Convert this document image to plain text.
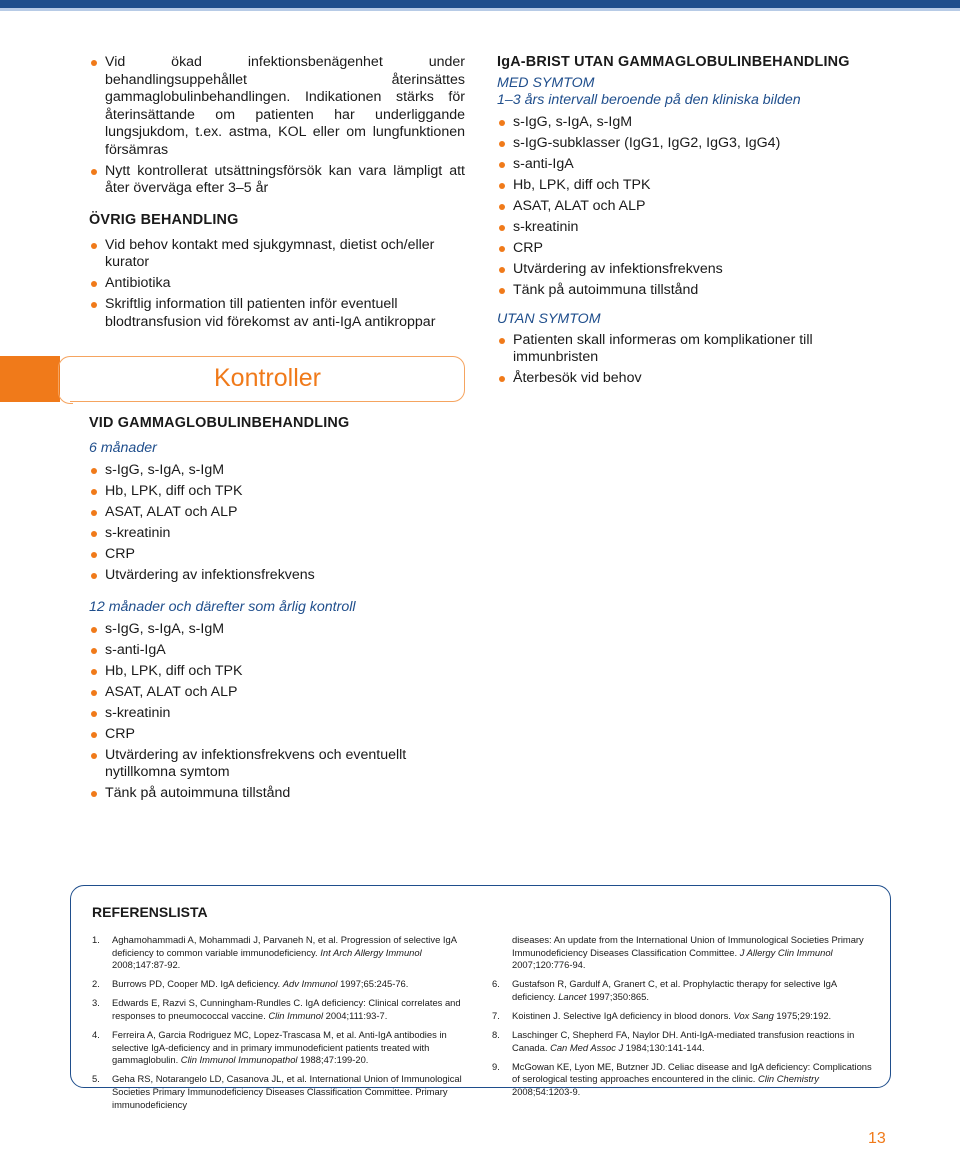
Vid ökad infektionsbenägenhet under behandlingsuppehållet återinsättes gammaglobulinbehandlingen. Indikationen stärks för återinsättande om patienten har underliggande lungsjukdom, t.ex. astma, KOL eller om lungfunktionen försämras
Nytt kontrollerat utsättningsförsök kan vara lämpligt att åter överväga efter 3–5 år
ÖVRIG BEHANDLING
Vid behov kontakt med sjukgymnast, dietist och/eller kurator
Antibiotika
Skriftlig information till patienten inför eventuell blodtransfusion vid förekomst av anti-IgA antikroppar
Kontroller
VID GAMMAGLOBULINBEHANDLING
6 månader
s-IgG, s-IgA, s-IgM
Hb, LPK, diff och TPK
ASAT, ALAT och ALP
s-kreatinin
CRP
Utvärdering av infektionsfrekvens
12 månader och därefter som årlig kontroll
s-IgG, s-IgA, s-IgM
s-anti-IgA
Hb, LPK, diff och TPK
ASAT, ALAT och ALP
s-kreatinin
CRP
Utvärdering av infektionsfrekvens och eventuellt nytillkomna symtom
Tänk på autoimmuna tillstånd
IgA-BRIST UTAN GAMMAGLOBULINBEHANDLING
MED SYMTOM
1–3 års intervall beroende på den kliniska bilden
s-IgG, s-IgA, s-IgM
s-IgG-subklasser (IgG1, IgG2, IgG3, IgG4)
s-anti-IgA
Hb, LPK, diff och TPK
ASAT, ALAT och ALP
s-kreatinin
CRP
Utvärdering av infektionsfrekvens
Tänk på autoimmuna tillstånd
UTAN SYMTOM
Patienten skall informeras om komplikationer till immunbristen
Återbesök vid behov
REFERENSLISTA
1. Aghamohammadi A, Mohammadi J, Parvaneh N, et al. Progression of selective IgA deficiency to common variable immunodeficiency. Int Arch Allergy Immunol 2008;147:87-92.
2. Burrows PD, Cooper MD. IgA deficiency. Adv Immunol 1997;65:245-76.
3. Edwards E, Razvi S, Cunningham-Rundles C. IgA deficiency: Clinical correlates and responses to pneumococcal vaccine. Clin Immunol 2004;111:93-7.
4. Ferreira A, Garcia Rodriguez MC, Lopez-Trascasa M, et al. Anti-IgA antibodies in selective IgA-deficiency and in primary immunodeficient patients treated with gammaglobulin. Clin Immunol Immunopathol 1988;47:199-20.
5. Geha RS, Notarangelo LD, Casanova JL, et al. International Union of Immunological Societies Primary Immunodeficiency Diseases Classification Committee. Primary immunodeficiency
diseases: An update from the International Union of Immunological Societies Primary Immunodeficiency Diseases Classification Committee. J Allergy Clin Immunol 2007;120:776-94.
6. Gustafson R, Gardulf A, Granert C, et al. Prophylactic therapy for selective IgA deficiency. Lancet 1997;350:865.
7. Koistinen J. Selective IgA deficiency in blood donors. Vox Sang 1975;29:192.
8. Laschinger C, Shepherd FA, Naylor DH. Anti-IgA-mediated transfusion reactions in Canada. Can Med Assoc J 1984;130:141-144.
9. McGowan KE, Lyon ME, Butzner JD. Celiac disease and IgA deficiency: Complications of serological testing approaches encountered in the clinic. Clin Chemistry 2008;54:1203-9.
13
